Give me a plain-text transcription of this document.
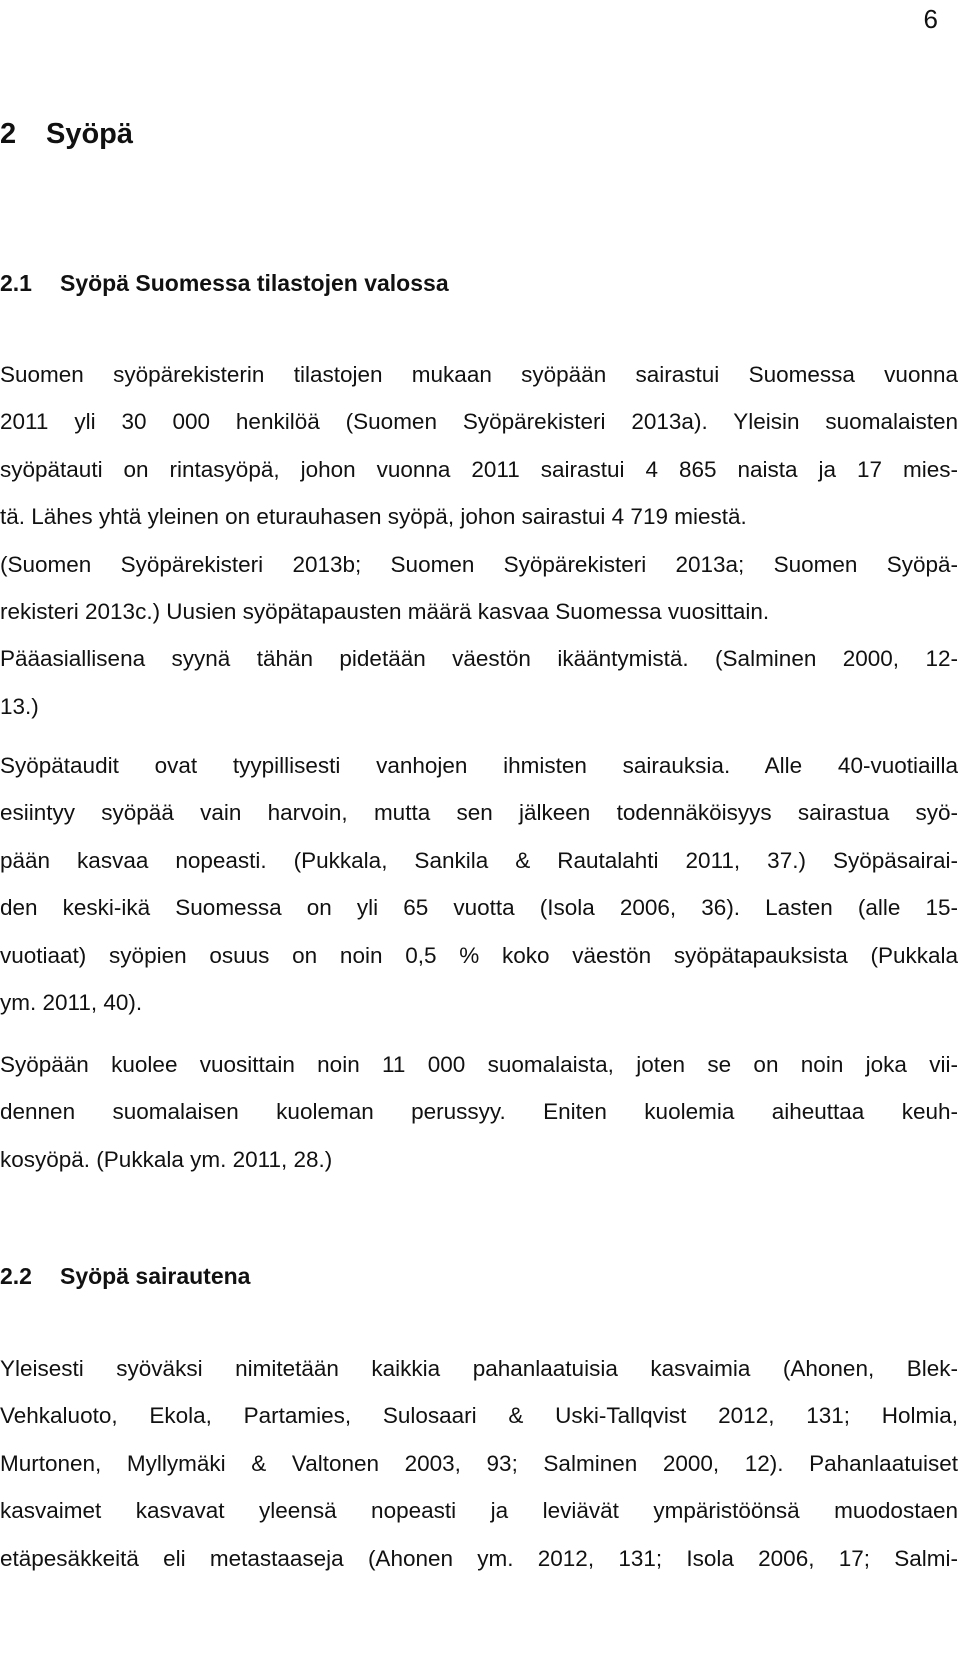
6
2 Syöpä
2.1 Syöpä Suomessa tilastojen valossa
Suomen syöpärekisterin tilastojen mukaan syöpään sairastui Suomessa vuonna
2011 yli 30 000 henkilöä (Suomen Syöpärekisteri 2013a). Yleisin suomalaisten
syöpätauti on rintasyöpä, johon vuonna 2011 sairastui 4 865 naista ja 17 mies-
tä. Lähes yhtä yleinen on eturauhasen syöpä, johon sairastui 4 719 miestä.
(Suomen Syöpärekisteri 2013b; Suomen Syöpärekisteri 2013a; Suomen Syöpä-
rekisteri 2013c.) Uusien syöpätapausten määrä kasvaa Suomessa vuosittain.
Pääasiallisena syynä tähän pidetään väestön ikääntymistä. (Salminen 2000, 12-
13.)
Syöpätaudit ovat tyypillisesti vanhojen ihmisten sairauksia. Alle 40-vuotiailla
esiintyy syöpää vain harvoin, mutta sen jälkeen todennäköisyys sairastua syö-
pään kasvaa nopeasti. (Pukkala, Sankila & Rautalahti 2011, 37.) Syöpäsairai-
den keski-ikä Suomessa on yli 65 vuotta (Isola 2006, 36). Lasten (alle 15-
vuotiaat) syöpien osuus on noin 0,5 % koko väestön syöpätapauksista (Pukkala
ym. 2011, 40).
Syöpään kuolee vuosittain noin 11 000 suomalaista, joten se on noin joka vii-
dennen suomalaisen kuoleman perussyy. Eniten kuolemia aiheuttaa keuh-
kosyöpä. (Pukkala ym. 2011, 28.)
2.2 Syöpä sairautena
Yleisesti syöväksi nimitetään kaikkia pahanlaatuisia kasvaimia (Ahonen, Blek-
Vehkaluoto, Ekola, Partamies, Sulosaari & Uski-Tallqvist 2012, 131; Holmia,
Murtonen, Myllymäki & Valtonen 2003, 93; Salminen 2000, 12). Pahanlaatuiset
kasvaimet kasvavat yleensä nopeasti ja leviävät ympäristöönsä muodostaen
etäpesäkkeitä eli metastaaseja (Ahonen ym. 2012, 131; Isola 2006, 17; Salmi-
